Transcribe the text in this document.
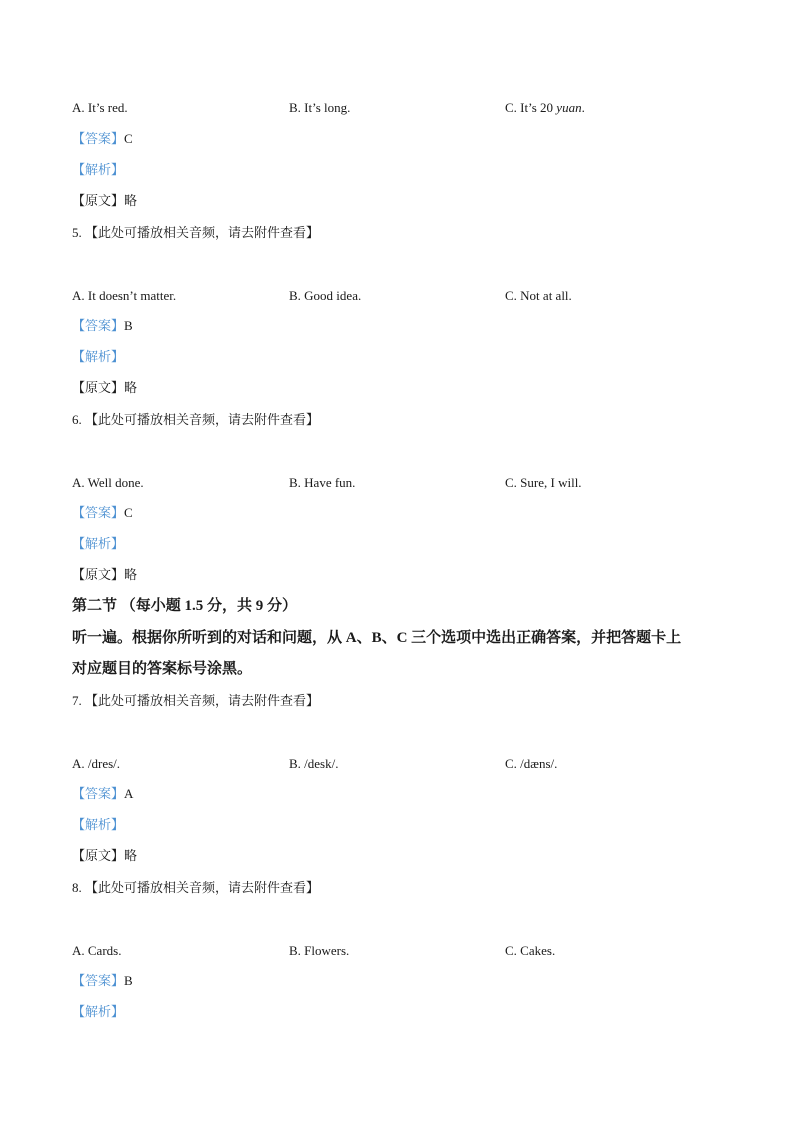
A. It’s red.	B. It’s long.	C. It’s 20 yuan.
【答案】C
【解析】
【原文】略
5. 【此处可播放相关音频，请去附件查看】
A. It doesn’t matter.	B. Good idea.	C. Not at all.
【答案】B
【解析】
【原文】略
6. 【此处可播放相关音频，请去附件查看】
A. Well done.	B. Have fun.	C. Sure, I will.
【答案】C
【解析】
【原文】略
第二节 （每小题 1.5 分，共 9 分）
听一遍。根据你所听到的对话和问题，从 A、B、C 三个选项中选出正确答案，并把答题卡上
对应题目的答案标号涂黑。
7. 【此处可播放相关音频，请去附件查看】
A. /dres/.	B. /desk/.	C. /dæns/.
【答案】A
【解析】
【原文】略
8. 【此处可播放相关音频，请去附件查看】
A. Cards.	B. Flowers.	C. Cakes.
【答案】B
【解析】
